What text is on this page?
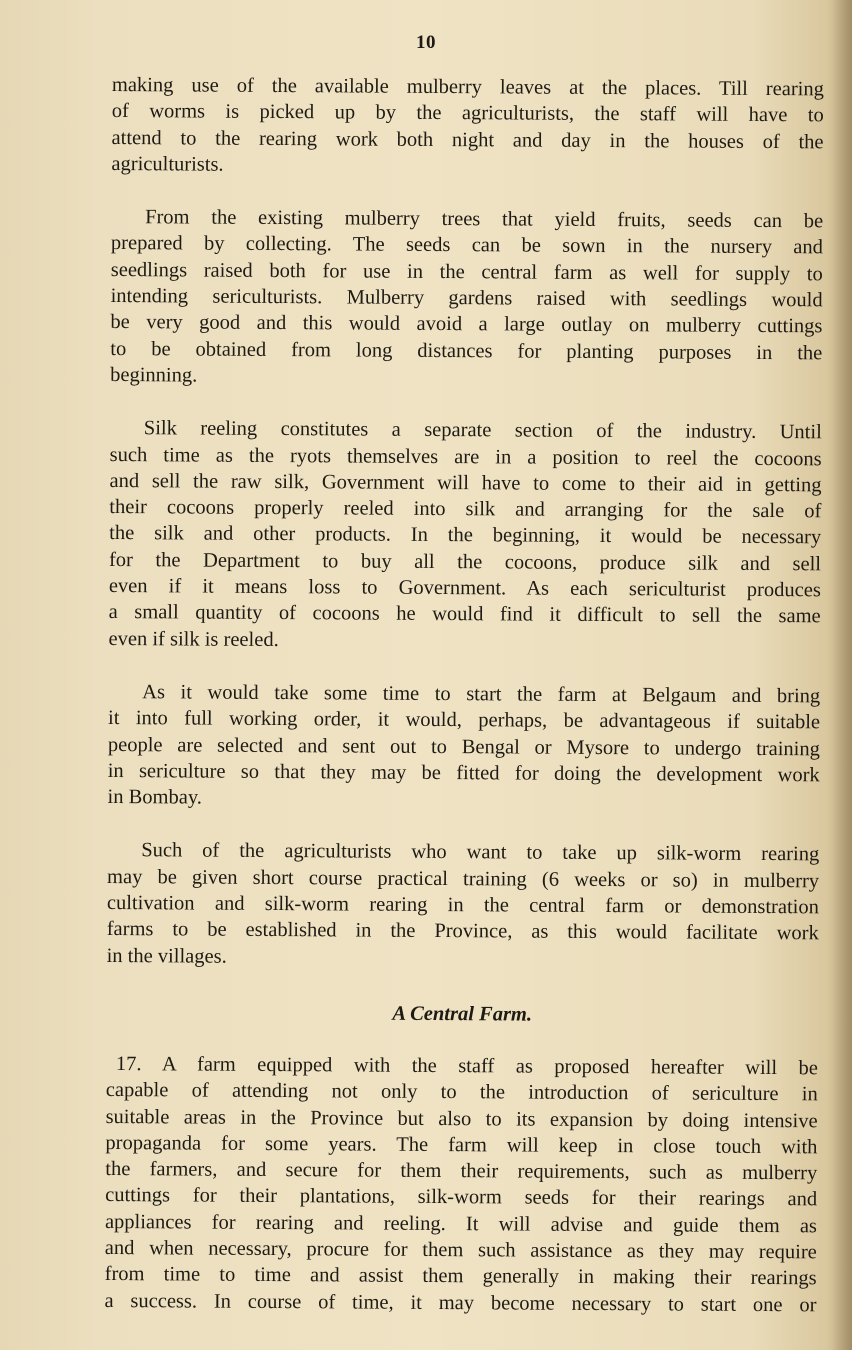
10

making use of the available mulberry leaves at the places. Till rearing
of worms is picked up by the agriculturists, the staff will have to
attend to the rearing work both night and day in the houses of the
agriculturists.

From the existing mulberry trees that yield fruits, seeds can be
prepared by collecting. The seeds can be sown in the nursery and
seedlings raised both for use in the central farm as well for supply to
intending sericulturists. Mulberry gardens raised with seedlings would
be very good and this would avoid a large outlay on mulberry cuttings
to be obtained from long distances for planting purposes in the
beginning.

Silk reeling constitutes a separate section of the industry. Until
such time as the ryots themselves are in a position to reel the cocoons
and sell the raw silk, Government will have to come to their aid in getting
their cocoons properly reeled into silk and arranging for the sale of
the silk and other products. In the beginning, it would be necessary
for the Department to buy all the cocoons, produce silk and sell
even if it means loss to Government. As each sericulturist produces
a small quantity of cocoons he would find it difficult to sell the same
even if silk is reeled.

As it would take some time to start the farm at Belgaum and bring
it into full working order, it would, perhaps, be advantageous if suitable
people are selected and sent out to Bengal or Mysore to undergo training
in sericulture so that they may be fitted for doing the development work
in Bombay.

Such of the agriculturists who want to take up silk-worm rearing
may be given short course practical training (6 weeks or so) in mulberry
cultivation and silk-worm rearing in the central farm or demonstration
farms to be established in the Province, as this would facilitate work
in the villages.

A Central Farm.

17. A farm equipped with the staff as proposed hereafter will be
capable of attending not only to the introduction of sericulture in
suitable areas in the Province but also to its expansion by doing intensive
propaganda for some years. The farm will keep in close touch with
the farmers, and secure for them their requirements, such as mulberry
cuttings for their plantations, silk-worm seeds for their rearings and
appliances for rearing and reeling. It will advise and guide them as
and when necessary, procure for them such assistance as they may require
from time to time and assist them generally in making their rearings
a success. In course of time, it may become necessary to start one or
